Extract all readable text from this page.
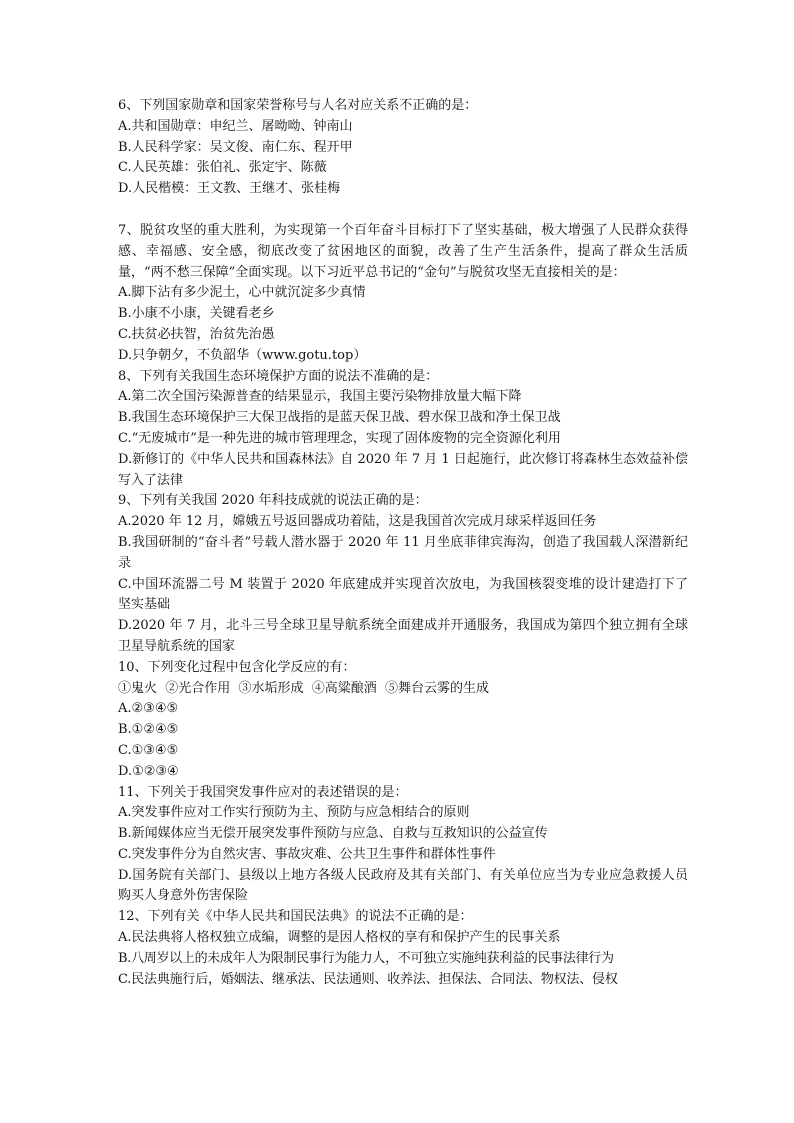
6、下列国家勋章和国家荣誉称号与人名对应关系不正确的是：

A.共和国勋章：申纪兰、屠呦呦、钟南山

B.人民科学家：吴文俊、南仁东、程开甲

C.人民英雄：张伯礼、张定宇、陈薇

D.人民楷模：王文教、王继才、张桂梅

7、脱贫攻坚的重大胜利，为实现第一个百年奋斗目标打下了坚实基础，极大增强了人民群众获得感、幸福感、安全感，彻底改变了贫困地区的面貌，改善了生产生活条件，提高了群众生活质量，“两不愁三保障”全面实现。以下习近平总书记的“金句”与脱贫攻坚无直接相关的是：

A.脚下沾有多少泥土，心中就沉淀多少真情

B.小康不小康，关键看老乡

C.扶贫必扶智，治贫先治愚

D.只争朝夕，不负韶华（www.gotu.top）

8、下列有关我国生态环境保护方面的说法不准确的是：

A.第二次全国污染源普查的结果显示，我国主要污染物排放量大幅下降

B.我国生态环境保护三大保卫战指的是蓝天保卫战、碧水保卫战和净土保卫战

C.“无废城市”是一种先进的城市管理理念，实现了固体废物的完全资源化利用

D.新修订的《中华人民共和国森林法》自 2020 年 7 月 1 日起施行，此次修订将森林生态效益补偿写入了法律

9、下列有关我国 2020 年科技成就的说法正确的是：

A.2020 年 12 月，嫦娥五号返回器成功着陆，这是我国首次完成月球采样返回任务

B.我国研制的“奋斗者”号载人潜水器于 2020 年 11 月坐底菲律宾海沟，创造了我国载人深潜新纪录

C.中国环流器二号 M 装置于 2020 年底建成并实现首次放电，为我国核裂变堆的设计建造打下了坚实基础

D.2020 年 7 月，北斗三号全球卫星导航系统全面建成并开通服务，我国成为第四个独立拥有全球卫星导航系统的国家

10、下列变化过程中包含化学反应的有：

①鬼火  ②光合作用  ③水垢形成  ④高粱酿酒  ⑤舞台云雾的生成

A.②③④⑤

B.①②④⑤

C.①③④⑤

D.①②③④

11、下列关于我国突发事件应对的表述错误的是：

A.突发事件应对工作实行预防为主、预防与应急相结合的原则

B.新闻媒体应当无偿开展突发事件预防与应急、自救与互救知识的公益宣传

C.突发事件分为自然灾害、事故灾难、公共卫生事件和群体性事件

D.国务院有关部门、县级以上地方各级人民政府及其有关部门、有关单位应当为专业应急救援人员购买人身意外伤害保险

12、下列有关《中华人民共和国民法典》的说法不正确的是：

A.民法典将人格权独立成编，调整的是因人格权的享有和保护产生的民事关系

B.八周岁以上的未成年人为限制民事行为能力人，不可独立实施纯获利益的民事法律行为

C.民法典施行后，婚姻法、继承法、民法通则、收养法、担保法、合同法、物权法、侵权
